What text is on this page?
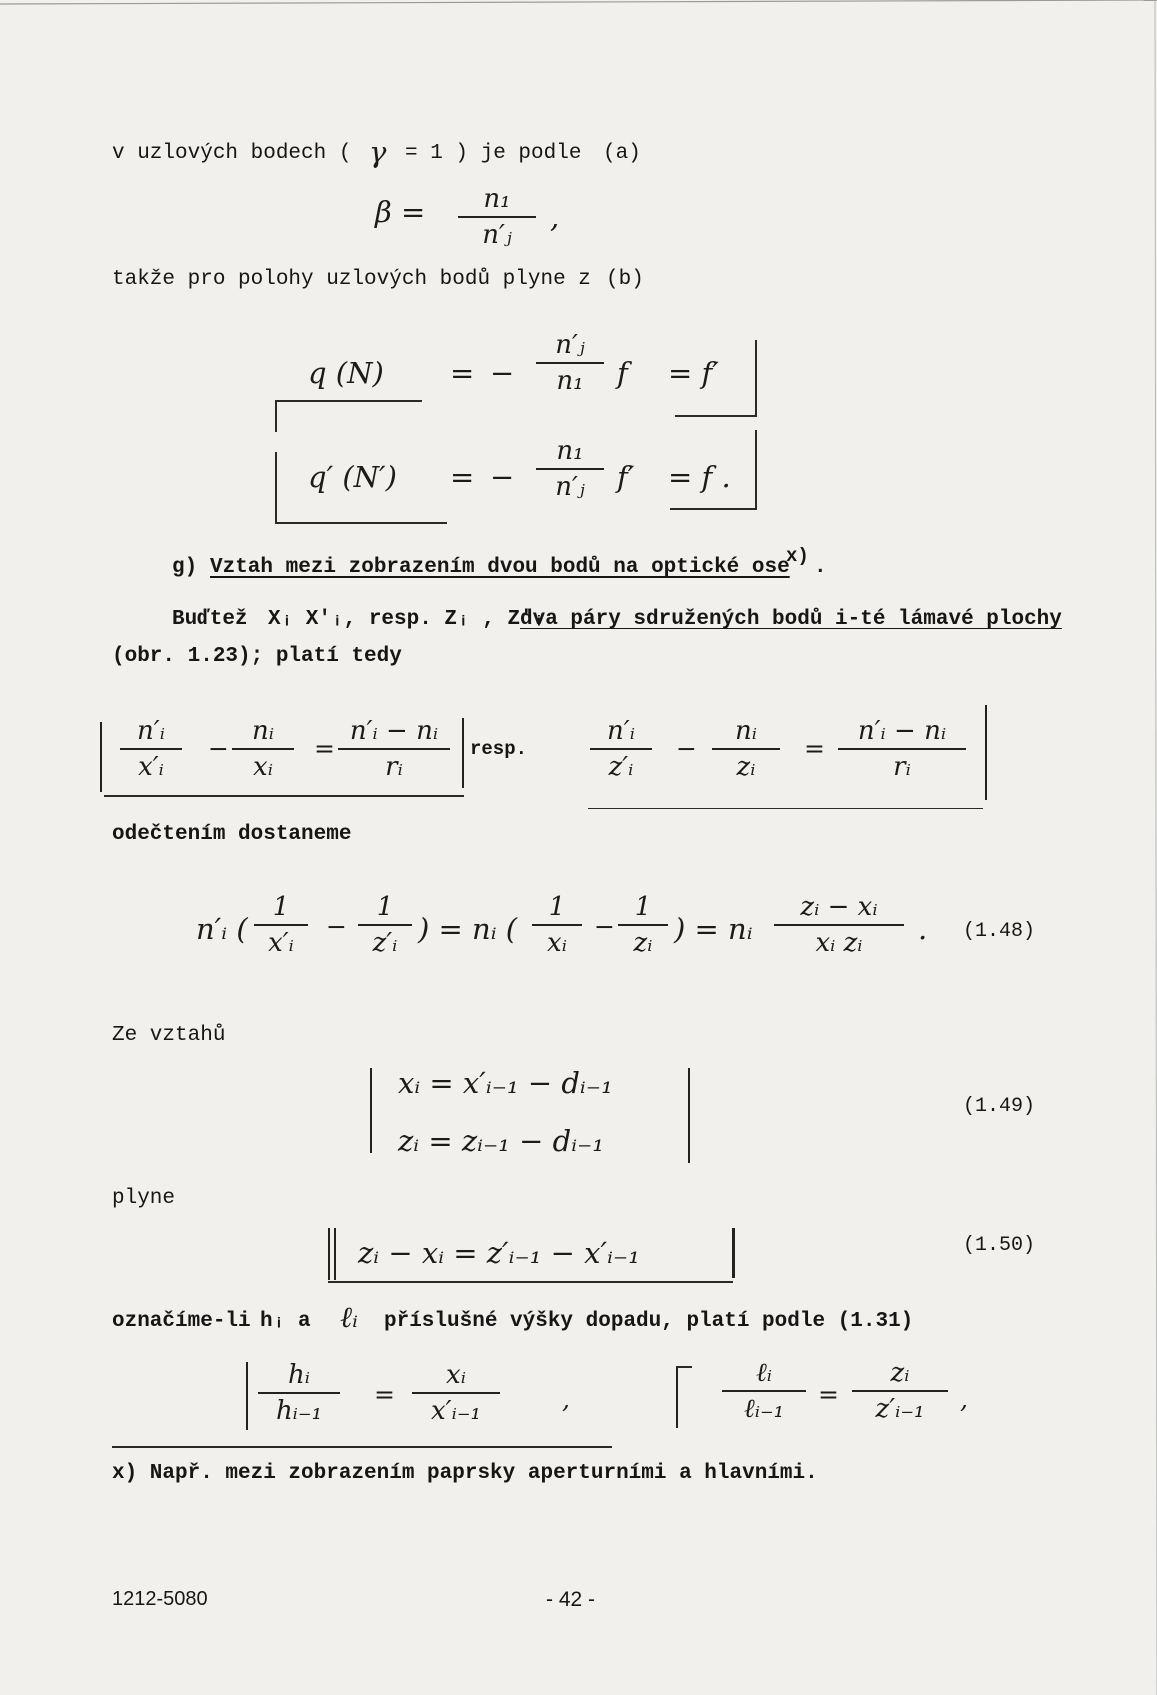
v uzlových bodech ( γ = 1 ) je podle (a)
$\beta = \frac{\text{n₁}}{\text{n′ⱼ}}$ ,
takže pro polohy uzlových bodů plyne z (b)
q (N) = − $\frac{\text{n′ⱼ}}{\text{n₁}}$ f = f′
q′ (N′) = − $\frac{\text{n₁}}{\text{n′ⱼ}} f' = f$ .
g) Vztah mezi zobrazením dvou bodů na optické ose
x) .
Buďtež Xᵢ X′ᵢ, resp. Zᵢ , Z′ᵢ
dva páry sdružených bodů i-té lámavé plochy
(obr. 1.23); platí tedy
$\frac{\text{n′ᵢ}}{\text{x′ᵢ}} - \frac{\text{nᵢ}}{\text{xᵢ}} = \frac{\text{n′ᵢ − nᵢ}}{\text{rᵢ}}$ resp. $\frac{\text{n′ᵢ}}{\text{z′ᵢ}} - \frac{\text{nᵢ}}{\text{zᵢ}} = \frac{\text{n′ᵢ − nᵢ}}{\text{rᵢ}}$
odečtením dostaneme
n′ᵢ ( $\frac{1}{\text{x′ᵢ}} - \frac{1}{\text{z′ᵢ}}$ ) = nᵢ ( $\frac{1}{\text{xᵢ}} - \frac{1}{\text{zᵢ}}$ ) = nᵢ $\frac{\text{zᵢ − xᵢ}}{\text{xᵢ zᵢ}}$ . (1.48)
Ze vztahů
xᵢ = x′ᵢ₋₁ − dᵢ₋₁
zᵢ = zᵢ₋₁ − dᵢ₋₁
(1.49)
plyne
zᵢ − xᵢ = z′ᵢ₋₁ − x′ᵢ₋₁	(1.50)
označíme-li hᵢ a ℓᵢ příslušné výšky dopadu, platí podle (1.31)
$\frac{\text{hᵢ}}{\text{hᵢ₋₁}} = \frac{\text{xᵢ}}{\text{x′ᵢ₋₁}}$ ,
ℓᵢ
ℓᵢ₋₁	= $\frac{\text{zᵢ}}{\text{z′ᵢ₋₁}}$ ,
x) Např. mezi zobrazením paprsky aperturními a hlavními.
1212-5080	- 42 -
